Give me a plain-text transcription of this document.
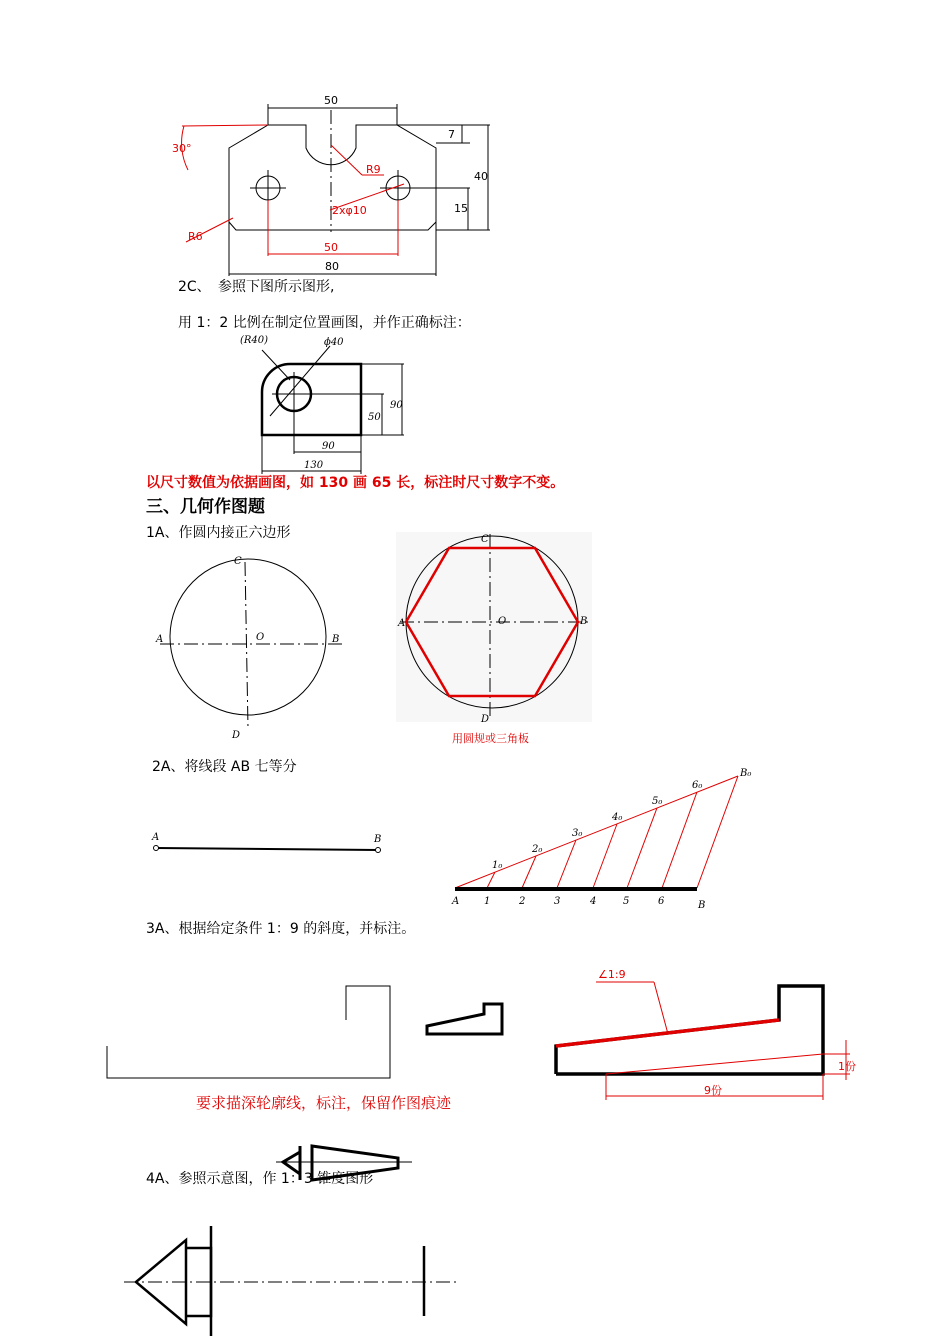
50
7
40
15
30°
R9
2xφ10
R6
50
80
2C、 参照下图所示图形,
用 1：2 比例在制定位置画图，并作正确标注：
(R40)	ϕ40
50
90
90
130
以尺寸数值为依据画图，如 130 画 65 长，标注时尺寸数字不变。
三、几何作图题
1A、作圆内接正六边形
C
D
A	B
O
C
D
A	B
O
用圆规或三角板
2A、将线段 AB 七等分
A	B
A	B
B₀
1	2	3	4	5	6
1₀
2₀
3₀
4₀
5₀
6₀
3A、根据给定条件 1：9 的斜度，并标注。
∠1:9
1份
9份
要求描深轮廓线，标注，保留作图痕迹
4A、参照示意图，作 1：3 锥度图形
